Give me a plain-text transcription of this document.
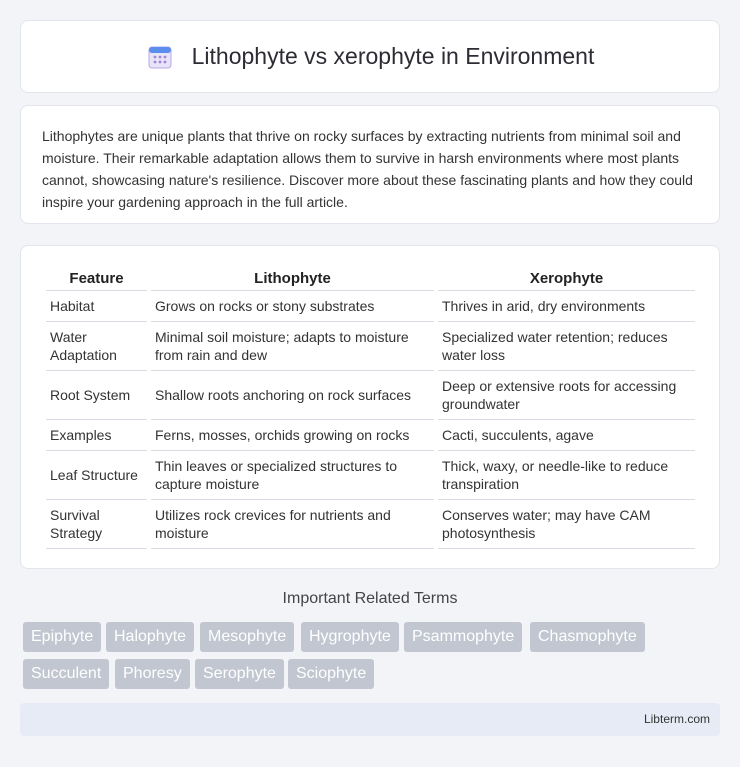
Lithophyte vs xerophyte in Environment

Lithophytes are unique plants that thrive on rocky surfaces by extracting nutrients from minimal soil and moisture. Their remarkable adaptation allows them to survive in harsh environments where most plants cannot, showcasing nature's resilience. Discover more about these fascinating plants and how they could inspire your gardening approach in the full article.

Feature	Lithophyte	Xerophyte
Habitat	Grows on rocks or stony substrates	Thrives in arid, dry environments
Water Adaptation	Minimal soil moisture; adapts to moisture from rain and dew	Specialized water retention; reduces water loss
Root System	Shallow roots anchoring on rock surfaces	Deep or extensive roots for accessing groundwater
Examples	Ferns, mosses, orchids growing on rocks	Cacti, succulents, agave
Leaf Structure	Thin leaves or specialized structures to capture moisture	Thick, waxy, or needle-like to reduce transpiration
Survival Strategy	Utilizes rock crevices for nutrients and moisture	Conserves water; may have CAM photosynthesis
Important Related Terms
Epiphyte	Halophyte	Mesophyte	Hygrophyte	Psammophyte	Chasmophyte
Succulent	Phoresy	Serophyte	Sciophyte
Libterm.com
